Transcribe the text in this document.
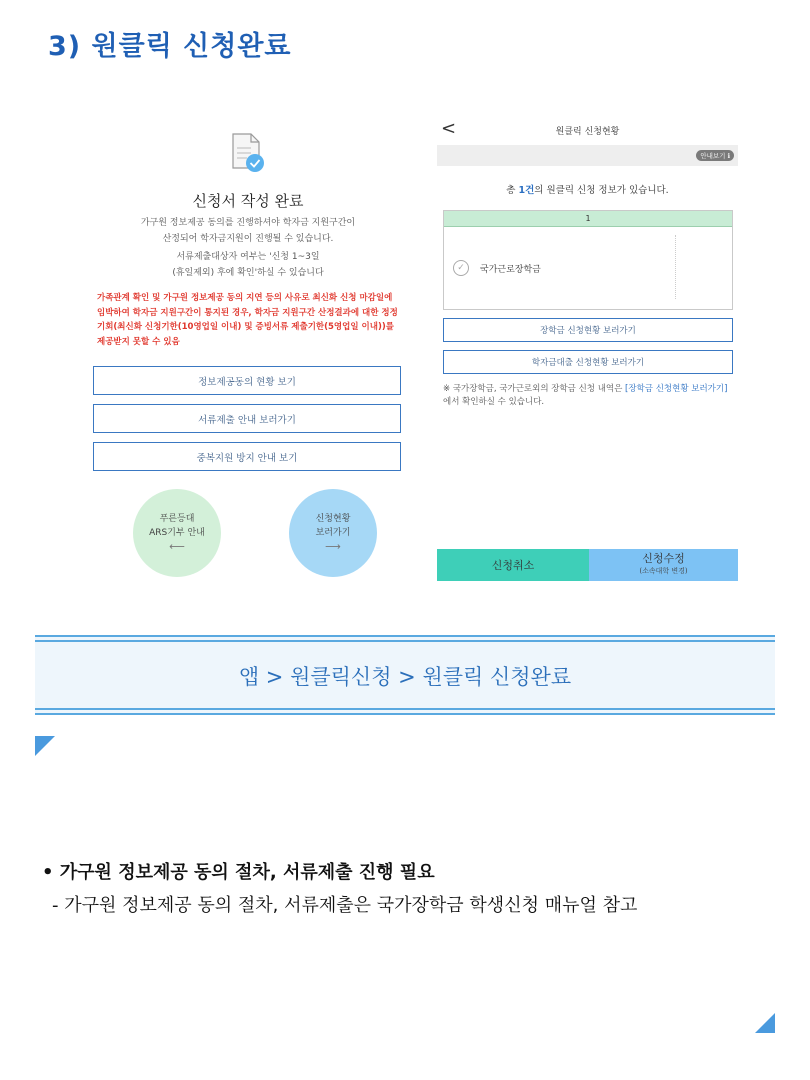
3) 원클릭 신청완료
신청서 작성 완료
가구원 정보제공 동의를 진행하셔야 학자금 지원구간이
산정되어 학자금지원이 진행될 수 있습니다.
서류제출대상자 여부는 '신청 1~3일
(휴일제외) 후에 확인'하실 수 있습니다
가족관계 확인 및 가구원 정보제공 동의 지연 등의 사유로 최신화 신청 마감일에 임박하여 학자금 지원구간이 통지된 경우, 학자금 지원구간 산정결과에 대한 정정기회(최신화 신청기한(10영업일 이내) 및 증빙서류 제출기한(5영업일 이내))를 제공받지 못할 수 있음
정보제공동의 현황 보기
서류제출 안내 보러가기
중복지원 방지 안내 보기
푸른등대
ARS기부 안내
⟵
신청현황
보러가기
⟶
<	원클릭 신청현황
안내보기 ℹ
총 1건의 원클릭 신청 정보가 있습니다.
1
✓	국가근로장학금
장학금 신청현황 보러가기
학자금대출 신청현황 보러가기
※ 국가장학금, 국가근로외의 장학금 신청 내역은 [장학금 신청현황 보러가기]에서 확인하실 수 있습니다.
신청취소
신청수정
(소속대학 변경)
앱 > 원클릭신청 > 원클릭 신청완료
• 가구원 정보제공 동의 절차, 서류제출 진행 필요
- 가구원 정보제공 동의 절차, 서류제출은 국가장학금 학생신청 매뉴얼 참고
